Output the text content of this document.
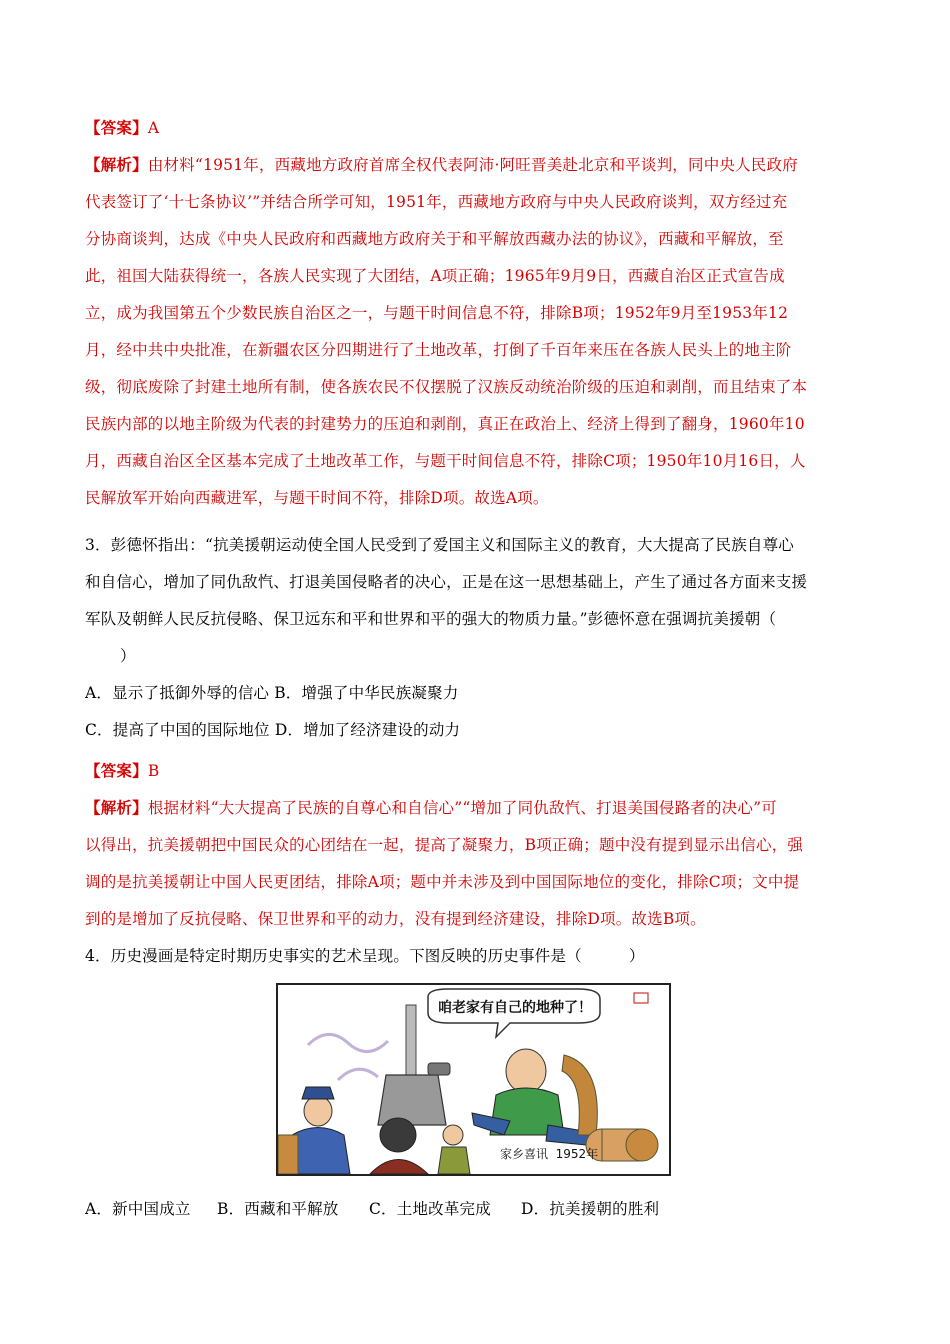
【答案】A
【解析】由材料“1951年，西藏地方政府首席全权代表阿沛·阿旺晋美赴北京和平谈判，同中央人民政府
代表签订了‘十七条协议’”并结合所学可知，1951年，西藏地方政府与中央人民政府谈判，双方经过充
分协商谈判，达成《中央人民政府和西藏地方政府关于和平解放西藏办法的协议》，西藏和平解放，至
此，祖国大陆获得统一，各族人民实现了大团结，A项正确；1965年9月9日，西藏自治区正式宣告成
立，成为我国第五个少数民族自治区之一，与题干时间信息不符，排除B项；1952年9月至1953年12
月，经中共中央批准，在新疆农区分四期进行了土地改革，打倒了千百年来压在各族人民头上的地主阶
级，彻底废除了封建土地所有制，使各族农民不仅摆脱了汉族反动统治阶级的压迫和剥削，而且结束了本
民族内部的以地主阶级为代表的封建势力的压迫和剥削，真正在政治上、经济上得到了翻身，1960年10
月，西藏自治区全区基本完成了土地改革工作，与题干时间信息不符，排除C项；1950年10月16日，人
民解放军开始向西藏进军，与题干时间不符，排除D项。故选A项。
3．彭德怀指出：“抗美援朝运动使全国人民受到了爱国主义和国际主义的教育，大大提高了民族自尊心
和自信心，增加了同仇敌忾、打退美国侵略者的决心，正是在这一思想基础上，产生了通过各方面来支援
军队及朝鲜人民反抗侵略、保卫远东和平和世界和平的强大的物质力量。”彭德怀意在强调抗美援朝（
）
A．显示了抵御外辱的信心 B．增强了中华民族凝聚力
C．提高了中国的国际地位 D．增加了经济建设的动力
【答案】B
【解析】根据材料“大大提高了民族的自尊心和自信心”“增加了同仇敌忾、打退美国侵路者的决心”可
以得出，抗美援朝把中国民众的心团结在一起，提高了凝聚力，B项正确；题中没有提到显示出信心，强
调的是抗美援朝让中国人民更团结，排除A项；题中并未涉及到中国国际地位的变化，排除C项；文中提
到的是增加了反抗侵略、保卫世界和平的动力，没有提到经济建设，排除D项。故选B项。
4．历史漫画是特定时期历史事实的艺术呈现。下图反映的历史事件是（　　　）
咱老家有自己的地种了！
家乡喜讯  1952年
A．新中国成立 B．西藏和平解放 C．土地改革完成 D．抗美援朝的胜利
